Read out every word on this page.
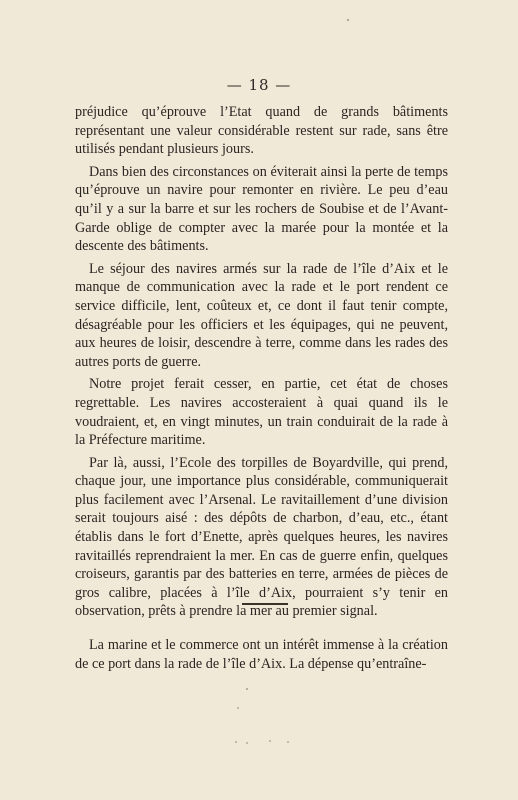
— 18 —

préjudice qu’éprouve l’Etat quand de grands bâtiments représentant une valeur considérable restent sur rade, sans être utilisés pendant plusieurs jours.

Dans bien des circonstances on éviterait ainsi la perte de temps qu’éprouve un navire pour remonter en rivière. Le peu d’eau qu’il y a sur la barre et sur les rochers de Soubise et de l’Avant-Garde oblige de compter avec la marée pour la montée et la descente des bâtiments.

Le séjour des navires armés sur la rade de l’île d’Aix et le manque de communication avec la rade et le port rendent ce service difficile, lent, coûteux et, ce dont il faut tenir compte, désagréable pour les officiers et les équipages, qui ne peuvent, aux heures de loisir, descendre à terre, comme dans les rades des autres ports de guerre.

Notre projet ferait cesser, en partie, cet état de choses regrettable. Les navires accosteraient à quai quand ils le voudraient, et, en vingt minutes, un train conduirait de la rade à la Préfecture maritime.

Par là, aussi, l’Ecole des torpilles de Boyardville, qui prend, chaque jour, une importance plus considérable, communiquerait plus facilement avec l’Arsenal. Le ravitaillement d’une division serait toujours aisé : des dépôts de charbon, d’eau, etc., étant établis dans le fort d’Enette, après quelques heures, les navires ravitaillés reprendraient la mer. En cas de guerre enfin, quelques croiseurs, garantis par des batteries en terre, armées de pièces de gros calibre, placées à l’île d’Aix, pourraient s’y tenir en observation, prêts à prendre la mer au premier signal.

La marine et le commerce ont un intérêt immense à la création de ce port dans la rade de l’île d’Aix. La dépense qu’entraîne-
